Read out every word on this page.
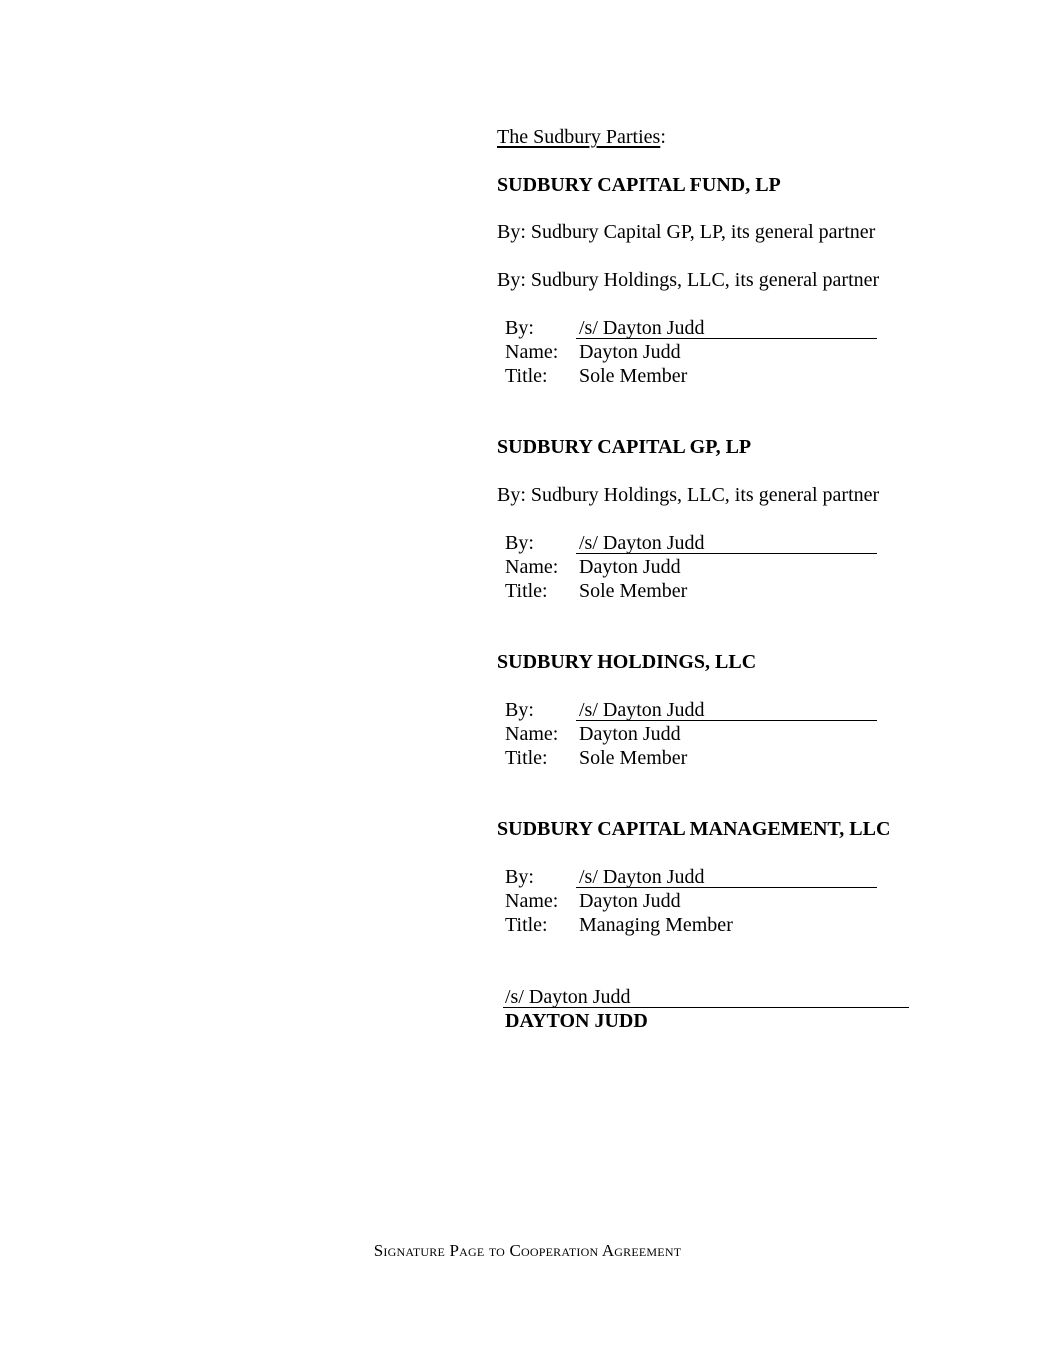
The Sudbury Parties:
SUDBURY CAPITAL FUND, LP
By: Sudbury Capital GP, LP, its general partner
By: Sudbury Holdings, LLC, its general partner
By: /s/ Dayton Judd
Name: Dayton Judd
Title: Sole Member
SUDBURY CAPITAL GP, LP
By: Sudbury Holdings, LLC, its general partner
By: /s/ Dayton Judd
Name: Dayton Judd
Title: Sole Member
SUDBURY HOLDINGS, LLC
By: /s/ Dayton Judd
Name: Dayton Judd
Title: Sole Member
SUDBURY CAPITAL MANAGEMENT, LLC
By: /s/ Dayton Judd
Name: Dayton Judd
Title: Managing Member
/s/ Dayton Judd
DAYTON JUDD
Signature Page to Cooperation Agreement
